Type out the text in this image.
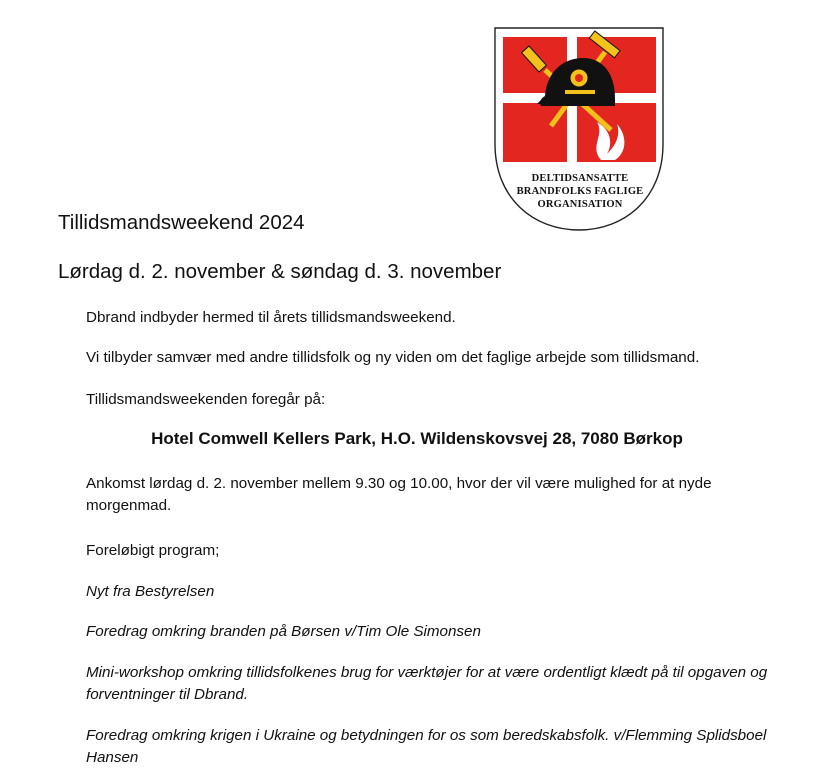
DELTIDSANSATTE
BRANDFOLKS FAGLIGE
ORGANISATION
Tillidsmandsweekend 2024
Lørdag d. 2. november & søndag d. 3. november
Dbrand indbyder hermed til årets tillidsmandsweekend.
Vi tilbyder samvær med andre tillidsfolk og ny viden om det faglige arbejde som tillidsmand.
Tillidsmandsweekenden foregår på:
Hotel Comwell Kellers Park, H.O. Wildenskovsvej 28, 7080 Børkop
Ankomst lørdag d. 2. november mellem 9.30 og 10.00, hvor der vil være mulighed for at nyde morgenmad.
Foreløbigt program;
Nyt fra Bestyrelsen
Foredrag omkring branden på Børsen v/Tim Ole Simonsen
Mini-workshop omkring tillidsfolkenes brug for værktøjer for at være ordentligt klædt på til opgaven og forventninger til Dbrand.
Foredrag omkring krigen i Ukraine og betydningen for os som beredskabsfolk. v/Flemming Splidsboel Hansen
